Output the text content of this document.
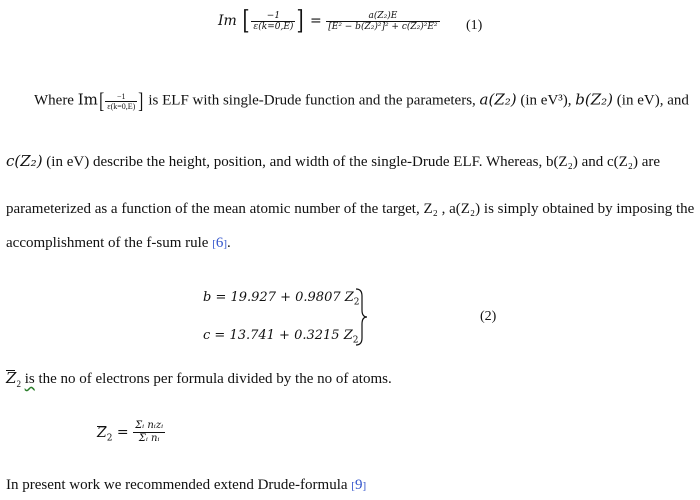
Im [ $\frac{-1}{\varepsilon(k=0,E)}$ ] = $\frac{\text{a(Z₂)E}}{\text{[E² − b(Z₂)²]² + c(Z₂)²E²}} (1)$
Where $Im[ \frac{-1}{\varepsilon(k=0,E)}$ ] is ELF with single-Drude function and the parameters, a(Z₂) (in eV³), b(Z₂) (in eV), and
c(Z₂) (in eV) describe the height, position, and width of the single-Drude ELF. Whereas, b(Z₂) and c(Z₂) are
parameterized as a function of the mean atomic number of the target, Z₂ , a(Z₂) is simply obtained by imposing the
accomplishment of the f-sum rule [6].
b = 19.927 + 0.9807 $Z_2$
c = 13.741 + 0.3215 $Z_2$
(2)
$Z_2$ is the no of electrons per formula divided by the no of atoms.
$Z_2 = \frac{\text{Σᵢ nᵢzᵢ}}{\text{Σᵢ nᵢ}}$
In present work we recommended extend Drude-formula [9]
